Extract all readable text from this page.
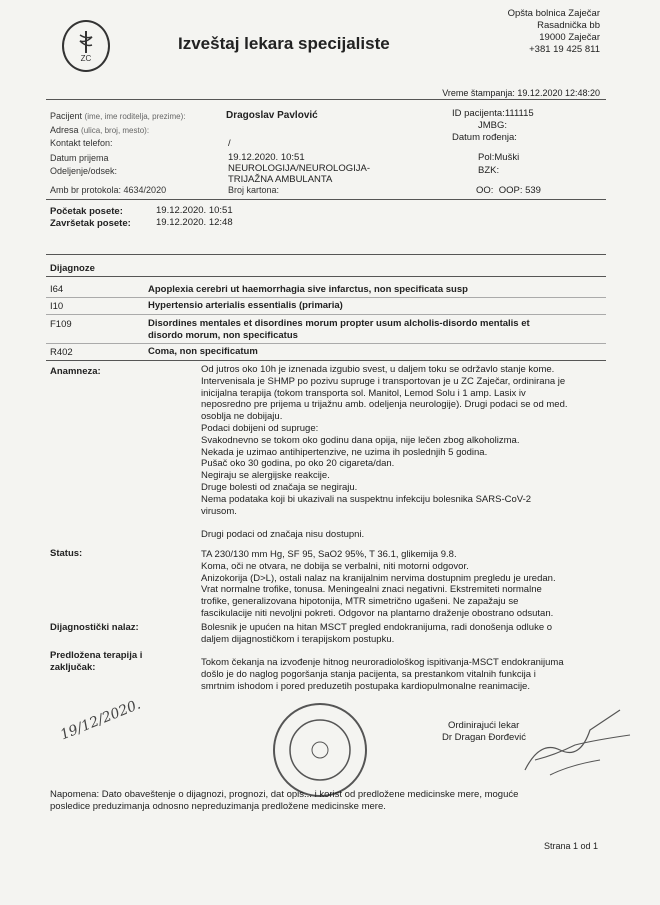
ZC
Izveštaj lekara specijaliste
Opšta bolnica Zaječar
Rasadnička bb
19000 Zaječar
+381 19 425 811
Vreme štampanja: 19.12.2020 12:48:20
Pacijent (ime, ime roditelja, prezime):	Dragoslav Pavlović
Adresa (ulica, broj, mesto):
Kontakt telefon:	/
Datum prijema	19.12.2020. 10:51
Odeljenje/odsek:	NEUROLOGIJA/NEUROLOGIJA-
TRIJAŽNA AMBULANTA
Amb br protokola: 4634/2020	Broj kartona:
ID pacijenta:111115
JMBG:
Datum rođenja:
Pol:Muški
BZK:
OO: OOP: 539
Početak posete:	19.12.2020. 10:51
Završetak posete:	19.12.2020. 12:48
Dijagnoze
I64	Apoplexia cerebri ut haemorrhagia sive infarctus, non specificata susp
I10	Hypertensio arterialis essentialis (primaria)
F109	Disordines mentales et disordines morum propter usum alcholis-disordo mentalis et
disordo morum, non specificatus
R402	Coma, non specificatum
Anamneza:	Od jutros oko 10h je iznenada izgubio svest, u daljem toku se održavlo stanje kome.
Intervenisala je SHMP po pozivu supruge i transportovan je u ZC Zaječar, ordinirana je
inicijalna terapija (tokom transporta sol. Manitol, Lemod Solu i 1 amp. Lasix iv
neposredno pre prijema u trijažnu amb. odeljenja neurologije). Drugi podaci se od med.
osoblja ne dobijaju.
Podaci dobijeni od supruge:
Svakodnevno se tokom oko godinu dana opija, nije lečen zbog alkoholizma.
Nekada je uzimao antihipertenzive, ne uzima ih poslednjih 5 godina.
Pušač oko 30 godina, po oko 20 cigareta/dan.
Negiraju se alergijske reakcije.
Druge bolesti od značaja se negiraju.
Nema podataka koji bi ukazivali na suspektnu infekciju bolesnika SARS-CoV-2
virusom.
Drugi podaci od značaja nisu dostupni.
Status:	TA 230/130 mm Hg, SF 95, SaO2 95%, T 36.1, glikemija 9.8.
Koma, oči ne otvara, ne dobija se verbalni, niti motorni odgovor.
Anizokorija (D>L), ostali nalaz na kranijalnim nervima dostupnim pregledu je uredan.
Vrat normalne trofike, tonusa. Meningealni znaci negativni. Ekstremiteti normalne
trofike, generalizovana hipotonija, MTR simetrično ugašeni. Ne zapažaju se
fascikulacije niti nevoljni pokreti. Odgovor na plantarno draženje obostrano odsutan.
Dijagnostički nalaz:	Bolesnik je upućen na hitan MSCT pregled endokranijuma, radi donošenja odluke o
daljem dijagnostičkom i terapijskom postupku.
Predložena terapija i
zaključak:	Tokom čekanja na izvođenje hitnog neuroradiološkog ispitivanja-MSCT endokranijuma
došlo je do naglog pogoršanja stanja pacijenta, sa prestankom vitalnih funkcija i
smrtnim ishodom i pored preduzetih postupaka kardiopulmonalne reanimacije.
19/12/2020.	Ordinirajući lekar
Dr Dragan Đorđević
Napomena: Dato obaveštenje o dijagnozi, prognozi, dat opis... i korist od predložene medicinske mere, moguće
posledice preduzimanja odnosno nepreduzimanja predložene medicinske mere.
Strana 1 od 1
